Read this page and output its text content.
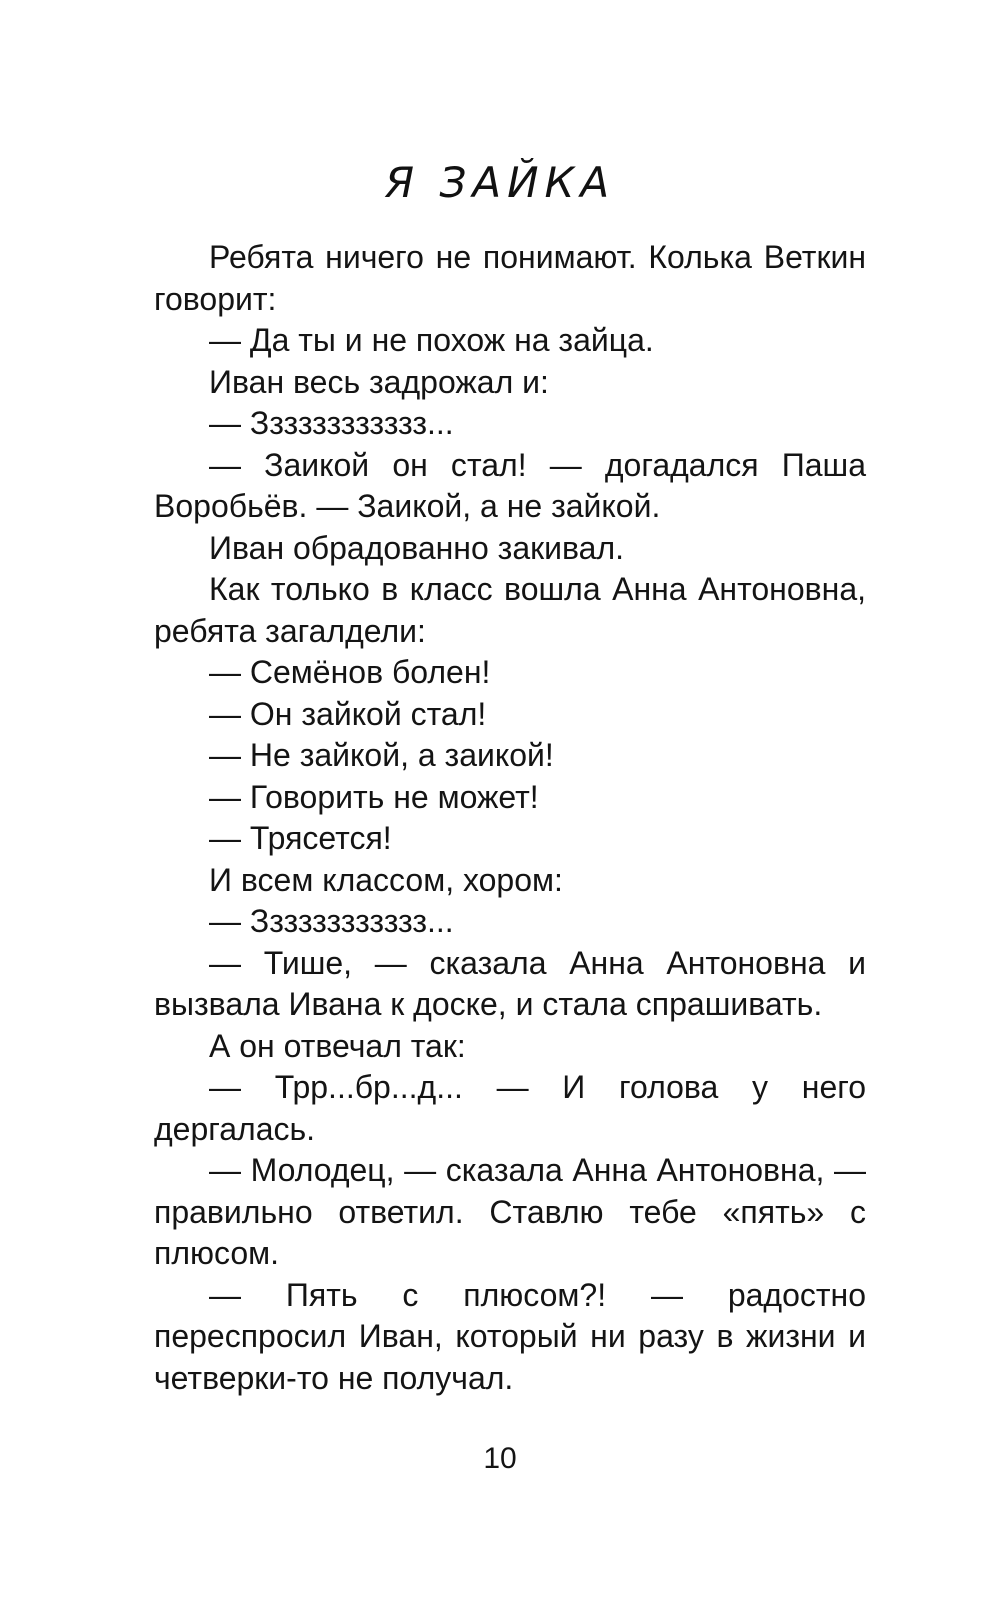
Я ЗАЙКА

Ребята ничего не понимают. Колька Веткин говорит:

— Да ты и не похож на зайца.

Иван весь задрожал и:

— Зззззззззззз...

— Заикой он стал! — догадался Паша Воробьёв. — Заикой, а не зайкой.

Иван обрадованно закивал.

Как только в класс вошла Анна Антоновна, ребята загалдели:

— Семёнов болен!

— Он зайкой стал!

— Не зайкой, а заикой!

— Говорить не может!

— Трясется!

И всем классом, хором:

— Зззззззззззз...

— Тише, — сказала Анна Антоновна и вызвала Ивана к доске, и стала спрашивать.

А он отвечал так:

— Трр...бр...д... — И голова у него дергалась.

— Молодец, — сказала Анна Антоновна, — правильно ответил. Ставлю тебе «пять» с плюсом.

— Пять с плюсом?! — радостно переспросил Иван, который ни разу в жизни и четверки-то не получал.

10
